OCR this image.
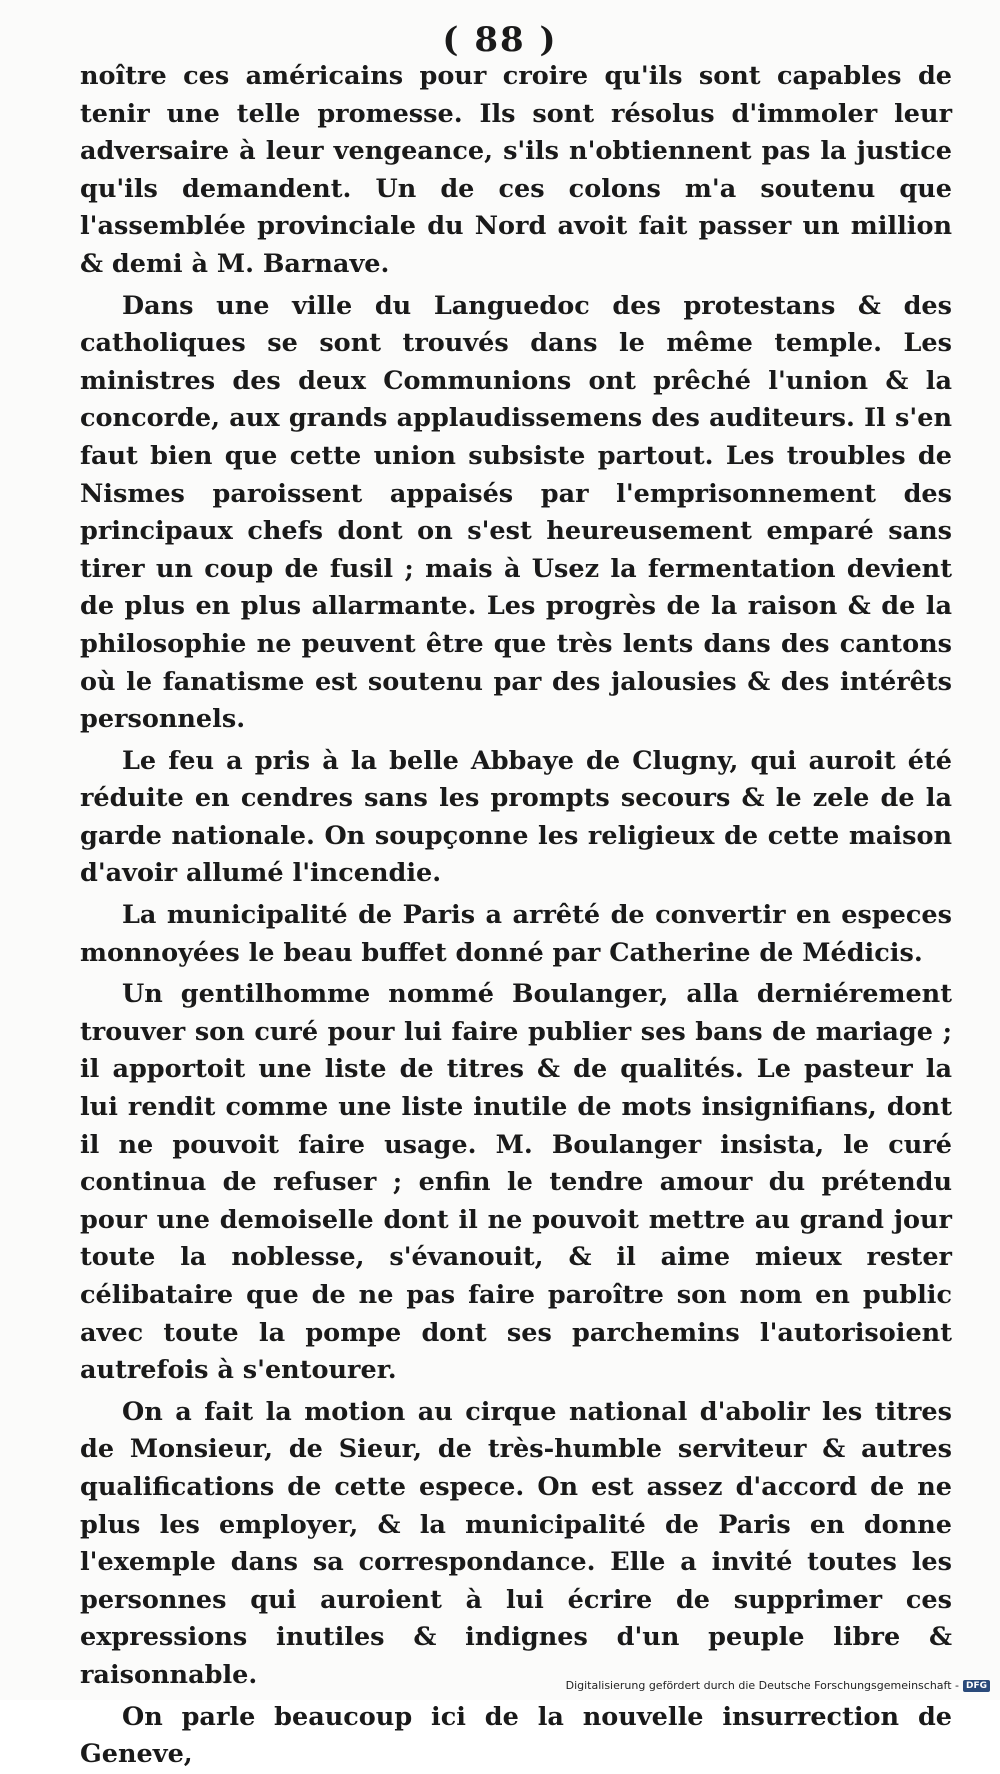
( 88 )

noître ces américains pour croire qu'ils sont capables de tenir une telle promesse. Ils sont résolus d'immoler leur adversaire à leur vengeance, s'ils n'obtiennent pas la justice qu'ils demandent. Un de ces colons m'a soutenu que l'assemblée provinciale du Nord avoit fait passer un million & demi à M. Barnave.

Dans une ville du Languedoc des protestans & des catholiques se sont trouvés dans le même temple. Les ministres des deux Communions ont prêché l'union & la concorde, aux grands applaudissemens des auditeurs. Il s'en faut bien que cette union subsiste partout. Les troubles de Nismes paroissent appaisés par l'emprisonnement des principaux chefs dont on s'est heureusement emparé sans tirer un coup de fusil ; mais à Usez la fermentation devient de plus en plus allarmante. Les progrès de la raison & de la philosophie ne peuvent être que très lents dans des cantons où le fanatisme est soutenu par des jalousies & des intérêts personnels.

Le feu a pris à la belle Abbaye de Clugny, qui auroit été réduite en cendres sans les prompts secours & le zele de la garde nationale. On soupçonne les religieux de cette maison d'avoir allumé l'incendie.

La municipalité de Paris a arrêté de convertir en especes monnoyées le beau buffet donné par Catherine de Médicis.

Un gentilhomme nommé Boulanger, alla derniérement trouver son curé pour lui faire publier ses bans de mariage ; il apportoit une liste de titres & de qualités. Le pasteur la lui rendit comme une liste inutile de mots insignifians, dont il ne pouvoit faire usage. M. Boulanger insista, le curé continua de refuser ; enfin le tendre amour du prétendu pour une demoiselle dont il ne pouvoit mettre au grand jour toute la noblesse, s'évanouit, & il aime mieux rester célibataire que de ne pas faire paroître son nom en public avec toute la pompe dont ses parchemins l'autorisoient autrefois à s'entourer.

On a fait la motion au cirque national d'abolir les titres de Monsieur, de Sieur, de très-humble serviteur & autres qualifications de cette espece. On est assez d'accord de ne plus les employer, & la municipalité de Paris en donne l'exemple dans sa correspondance. Elle a invité toutes les personnes qui auroient à lui écrire de supprimer ces expressions inutiles & indignes d'un peuple libre & raisonnable.

On parle beaucoup ici de la nouvelle insurrection de Geneve,

Digitalisierung gefördert durch die Deutsche Forschungsgemeinschaft - DFG
